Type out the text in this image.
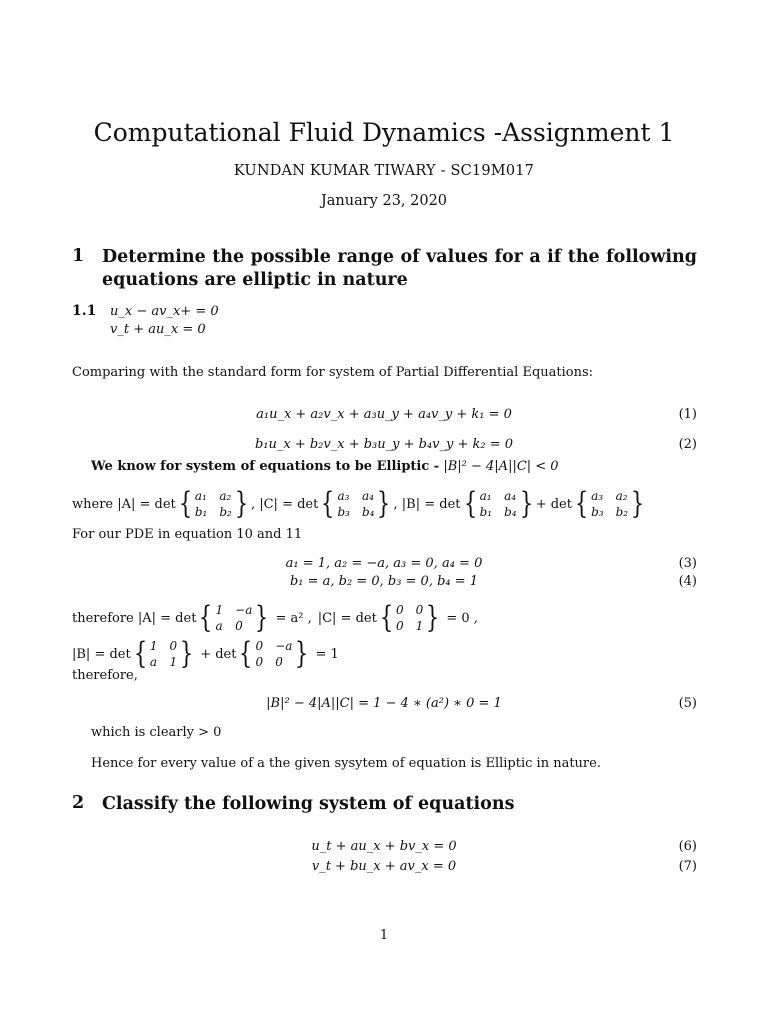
Computational Fluid Dynamics -Assignment 1
KUNDAN KUMAR TIWARY - SC19M017
January 23, 2020
1 Determine the possible range of values for a if the following equations are elliptic in nature
1.1 u_x − av_x+ = 0
v_t + au_x = 0
Comparing with the standard form for system of Partial Differential Equations:
a₁u_x + a₂v_x + a₃u_y + a₄v_y + k₁ = 0	(1)
b₁u_x + b₂v_x + b₃u_y + b₄v_y + k₂ = 0	(2)
We know for system of equations to be Elliptic - |B|² − 4|A||C| < 0
where |A| = det { a₁ a₂
b₁ b₂ } , |C| = det { a₃ a₄
b₃ b₄ } , |B| = det { a₁ a₄
b₁ b₄ } + det { a₃ a₂
b₃ b₂ }
For our PDE in equation 10 and 11
a₁ = 1, a₂ = −a, a₃ = 0, a₄ = 0	(3)
b₁ = a, b₂ = 0, b₃ = 0, b₄ = 1	(4)
therefore |A| = det { 1 −a
a 0 } = a² , |C| = det { 0 0
0 1 } = 0 ,
|B| = det { 1 0
a 1 } + det { 0 −a
0 0 } = 1
therefore,
|B|² − 4|A||C| = 1 − 4 ∗ (a²) ∗ 0 = 1	(5)
which is clearly > 0
Hence for every value of a the given sysytem of equation is Elliptic in nature.
2 Classify the following system of equations
u_t + au_x + bv_x = 0	(6)
v_t + bu_x + av_x = 0	(7)
1
